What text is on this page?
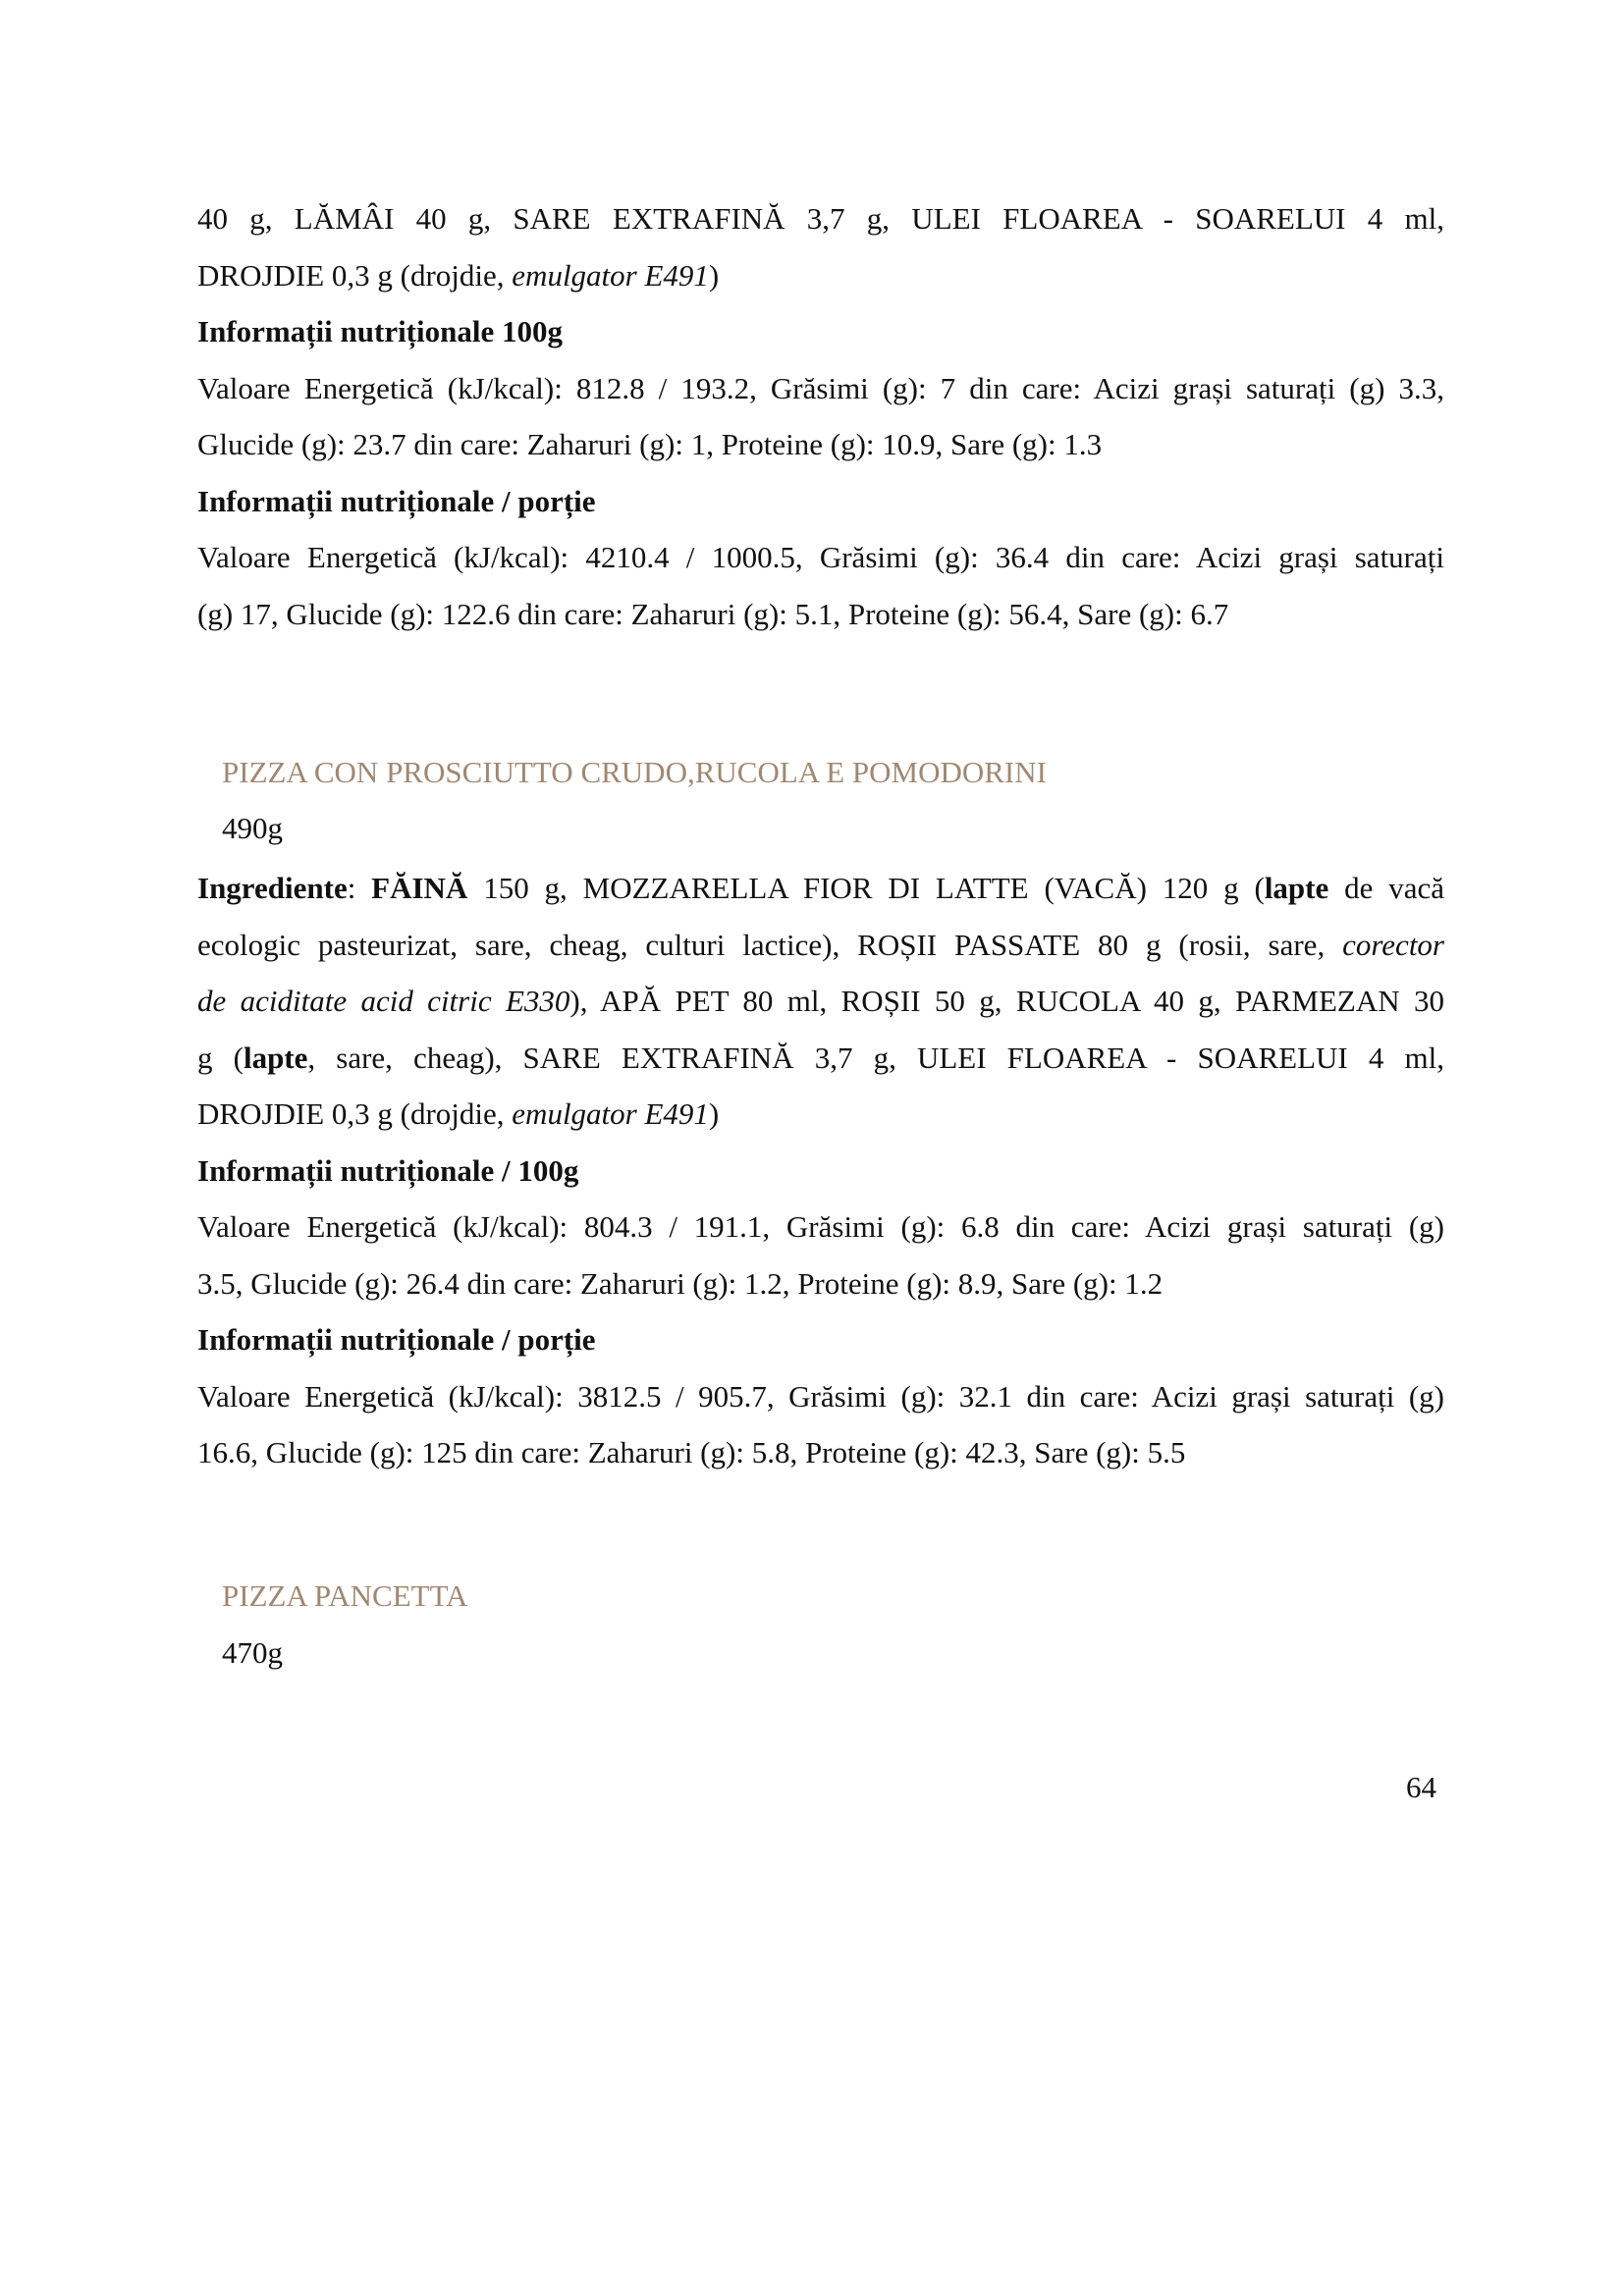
40 g, LĂMÂI 40 g, SARE EXTRAFINĂ 3,7 g, ULEI FLOAREA - SOARELUI 4 ml,
DROJDIE 0,3 g (drojdie, emulgator E491)
Informații nutriționale 100g
Valoare Energetică (kJ/kcal): 812.8 / 193.2, Grăsimi (g): 7 din care: Acizi grași saturați (g) 3.3,
Glucide (g): 23.7 din care: Zaharuri (g): 1, Proteine (g): 10.9, Sare (g): 1.3
Informații nutriționale / porție
Valoare Energetică (kJ/kcal): 4210.4 / 1000.5, Grăsimi (g): 36.4 din care: Acizi grași saturați
(g) 17, Glucide (g): 122.6 din care: Zaharuri (g): 5.1, Proteine (g): 56.4, Sare (g): 6.7
PIZZA CON PROSCIUTTO CRUDO,RUCOLA E POMODORINI
490g
Ingrediente: FĂINĂ 150 g, MOZZARELLA FIOR DI LATTE (VACĂ) 120 g (lapte de vacă
ecologic pasteurizat, sare, cheag, culturi lactice), ROȘII PASSATE 80 g (rosii, sare, corector
de aciditate acid citric E330), APĂ PET 80 ml, ROȘII 50 g, RUCOLA 40 g, PARMEZAN 30
g (lapte, sare, cheag), SARE EXTRAFINĂ 3,7 g, ULEI FLOAREA - SOARELUI 4 ml,
DROJDIE 0,3 g (drojdie, emulgator E491)
Informații nutriționale / 100g
Valoare Energetică (kJ/kcal): 804.3 / 191.1, Grăsimi (g): 6.8 din care: Acizi grași saturați (g)
3.5, Glucide (g): 26.4 din care: Zaharuri (g): 1.2, Proteine (g): 8.9, Sare (g): 1.2
Informații nutriționale / porție
Valoare Energetică (kJ/kcal): 3812.5 / 905.7, Grăsimi (g): 32.1 din care: Acizi grași saturați (g)
16.6, Glucide (g): 125 din care: Zaharuri (g): 5.8, Proteine (g): 42.3, Sare (g): 5.5
PIZZA PANCETTA
470g
64
